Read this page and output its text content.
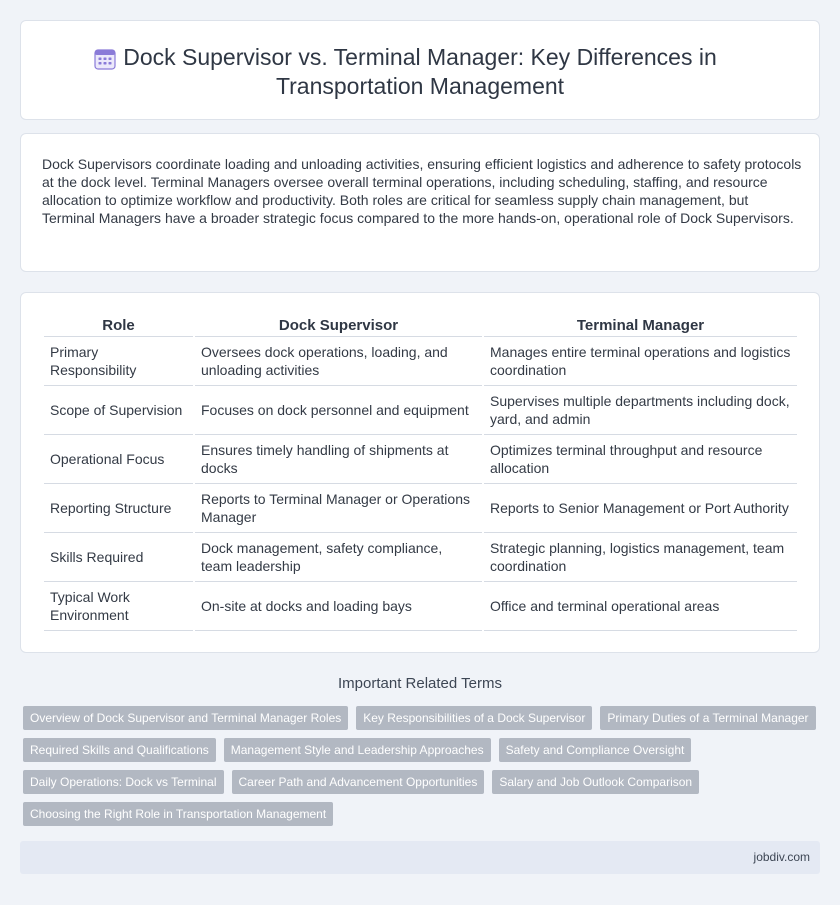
Dock Supervisor vs. Terminal Manager: Key Differences in Transportation Management

Dock Supervisors coordinate loading and unloading activities, ensuring efficient logistics and adherence to safety protocols at the dock level. Terminal Managers oversee overall terminal operations, including scheduling, staffing, and resource allocation to optimize workflow and productivity. Both roles are critical for seamless supply chain management, but Terminal Managers have a broader strategic focus compared to the more hands-on, operational role of Dock Supervisors.

Role	Dock Supervisor	Terminal Manager
Primary Responsibility	Oversees dock operations, loading, and unloading activities	Manages entire terminal operations and logistics coordination
Scope of Supervision	Focuses on dock personnel and equipment	Supervises multiple departments including dock, yard, and admin
Operational Focus	Ensures timely handling of shipments at docks	Optimizes terminal throughput and resource allocation
Reporting Structure	Reports to Terminal Manager or Operations Manager	Reports to Senior Management or Port Authority
Skills Required	Dock management, safety compliance, team leadership	Strategic planning, logistics management, team coordination
Typical Work Environment	On-site at docks and loading bays	Office and terminal operational areas
Important Related Terms
Overview of Dock Supervisor and Terminal Manager Roles	Key Responsibilities of a Dock Supervisor	Primary Duties of a Terminal Manager
Required Skills and Qualifications	Management Style and Leadership Approaches	Safety and Compliance Oversight
Daily Operations: Dock vs Terminal	Career Path and Advancement Opportunities	Salary and Job Outlook Comparison
Choosing the Right Role in Transportation Management
jobdiv.com
